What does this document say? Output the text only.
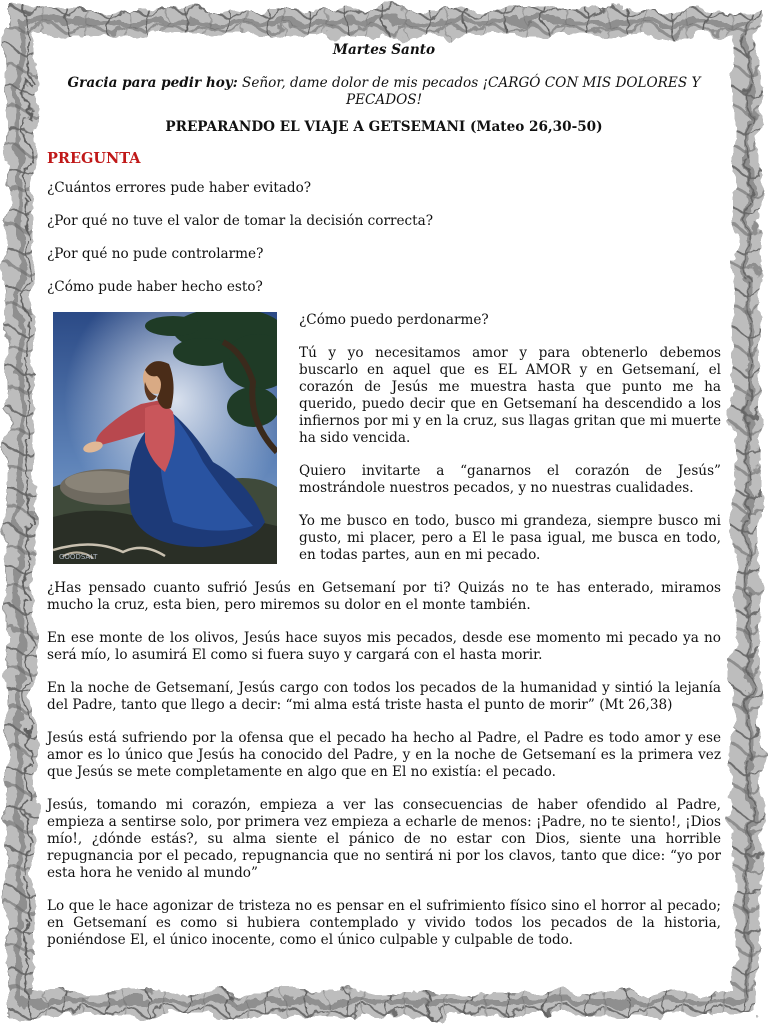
Martes Santo
Gracia para pedir hoy: Señor, dame dolor de mis pecados ¡CARGÓ CON MIS DOLORES Y PECADOS!
PREPARANDO EL VIAJE A GETSEMANI (Mateo 26,30-50)
PREGUNTA

¿Cuántos errores pude haber evitado?

¿Por qué no tuve el valor de tomar la decisión correcta?

¿Por qué no pude controlarme?

¿Cómo pude haber hecho esto?

GOODSALT

¿Cómo puedo perdonarme?

Tú y yo necesitamos amor y para obtenerlo debemos buscarlo en aquel que es EL AMOR y en Getsemaní, el corazón de Jesús me muestra hasta que punto me ha querido, puedo decir que en Getsemaní ha descendido a los infiernos por mi y en la cruz, sus llagas gritan que mi muerte ha sido vencida.

Quiero invitarte a “ganarnos el corazón de Jesús” mostrándole nuestros pecados, y no nuestras cualidades.

Yo me busco en todo, busco mi grandeza, siempre busco mi gusto, mi placer, pero a El le pasa igual, me busca en todo, en todas partes, aun en mi pecado.

¿Has pensado cuanto sufrió Jesús en Getsemaní por ti? Quizás no te has enterado, miramos mucho la cruz, esta bien, pero miremos su dolor en el monte también.

En ese monte de los olivos, Jesús hace suyos mis pecados, desde ese momento mi pecado ya no será mío, lo asumirá El como si fuera suyo y cargará con el hasta morir.

En la noche de Getsemaní, Jesús cargo con todos los pecados de la humanidad y sintió la lejanía del Padre, tanto que llego a decir: “mi alma está triste hasta el punto de morir” (Mt 26,38)

Jesús está sufriendo por la ofensa que el pecado ha hecho al Padre, el Padre es todo amor y ese amor es lo único que Jesús ha conocido del Padre, y en la noche de Getsemaní es la primera vez que Jesús se mete completamente en algo que en El no existía: el pecado.

Jesús, tomando mi corazón, empieza a ver las consecuencias de haber ofendido al Padre, empieza a sentirse solo, por primera vez empieza a echarle de menos: ¡Padre, no te siento!, ¡Dios mío!, ¿dónde estás?, su alma siente el pánico de no estar con Dios, siente una horrible repugnancia por el pecado, repugnancia que no sentirá ni por los clavos, tanto que dice: “yo por esta hora he venido al mundo”

Lo que le hace agonizar de tristeza no es pensar en el sufrimiento físico sino el horror al pecado; en Getsemaní es como si hubiera contemplado y vivido todos los pecados de la historia, poniéndose El, el único inocente, como el único culpable y culpable de todo.
